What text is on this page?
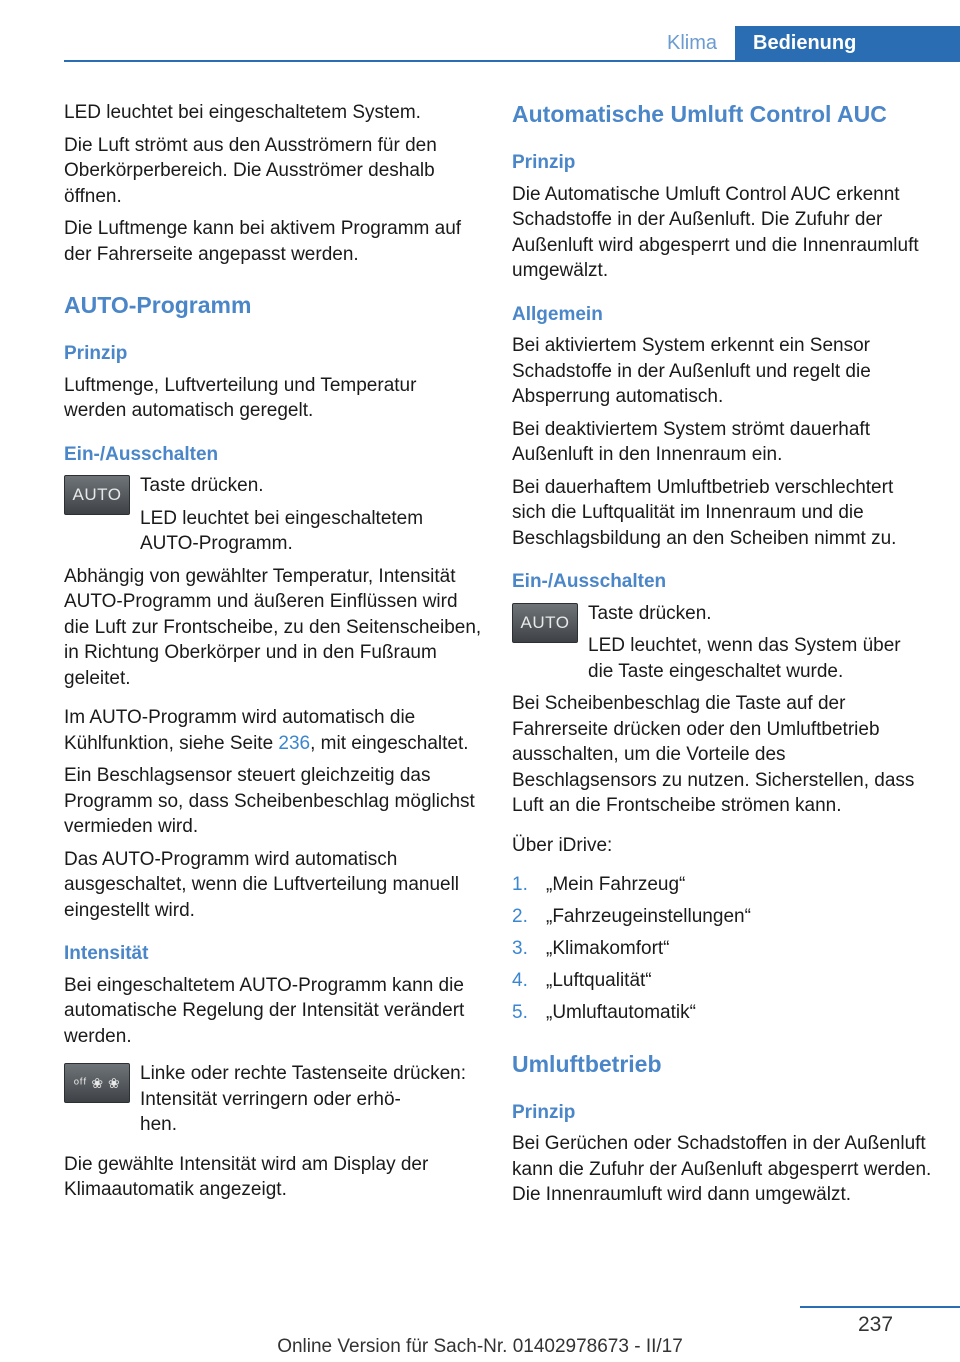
Klima	Bedienung

LED leuchtet bei eingeschaltetem System.

Die Luft strömt aus den Ausströmern für den Oberkörperbereich. Die Ausströmer deshalb öffnen.

Die Luftmenge kann bei aktivem Programm auf der Fahrerseite angepasst werden.

AUTO-Programm
Prinzip

Luftmenge, Luftverteilung und Temperatur werden automatisch geregelt.

Ein-/Ausschalten
AUTO Taste drücken.

LED leuchtet bei eingeschaltetem

AUTO-Programm.

Abhängig von gewählter Temperatur, Intensität AUTO-Programm und äußeren Einflüssen wird die Luft zur Frontscheibe, zu den Seitenscheiben, in Richtung Oberkörper und in den Fußraum geleitet.

Im AUTO-Programm wird automatisch die Kühlfunktion, siehe Seite 236, mit eingeschaltet.

Ein Beschlagsensor steuert gleichzeitig das Programm so, dass Scheibenbeschlag möglichst vermieden wird.

Das AUTO-Programm wird automatisch ausgeschaltet, wenn die Luftverteilung manuell eingestellt wird.

Intensität

Bei eingeschaltetem AUTO-Programm kann die automatische Regelung der Intensität verändert werden.

ᵒᶠᶠ ❀ ❀	Linke oder rechte Tastenseite drücken: Intensität verringern oder erhö-

hen.

Die gewählte Intensität wird am Display der Klimaautomatik angezeigt.

Automatische Umluft Control AUC
Prinzip

Die Automatische Umluft Control AUC erkennt Schadstoffe in der Außenluft. Die Zufuhr der Außenluft wird abgesperrt und die Innenraumluft umgewälzt.

Allgemein

Bei aktiviertem System erkennt ein Sensor Schadstoffe in der Außenluft und regelt die Absperrung automatisch.

Bei deaktiviertem System strömt dauerhaft Außenluft in den Innenraum ein.

Bei dauerhaftem Umluftbetrieb verschlechtert sich die Luftqualität im Innenraum und die Beschlagsbildung an den Scheiben nimmt zu.

Ein-/Ausschalten
AUTO Taste drücken.

LED leuchtet, wenn das System über

die Taste eingeschaltet wurde.

Bei Scheibenbeschlag die Taste auf der Fahrerseite drücken oder den Umluftbetrieb ausschalten, um die Vorteile des Beschlagsensors zu nutzen. Sicherstellen, dass Luft an die Frontscheibe strömen kann.

Über iDrive:

1. „Mein Fahrzeug“
2. „Fahrzeugeinstellungen“
3. „Klimakomfort“
4. „Luftqualität“
5. „Umluftautomatik“
Umluftbetrieb
Prinzip

Bei Gerüchen oder Schadstoffen in der Außenluft kann die Zufuhr der Außenluft abgesperrt werden. Die Innenraumluft wird dann umgewälzt.

237
Online Version für Sach-Nr. 01402978673 - II/17
